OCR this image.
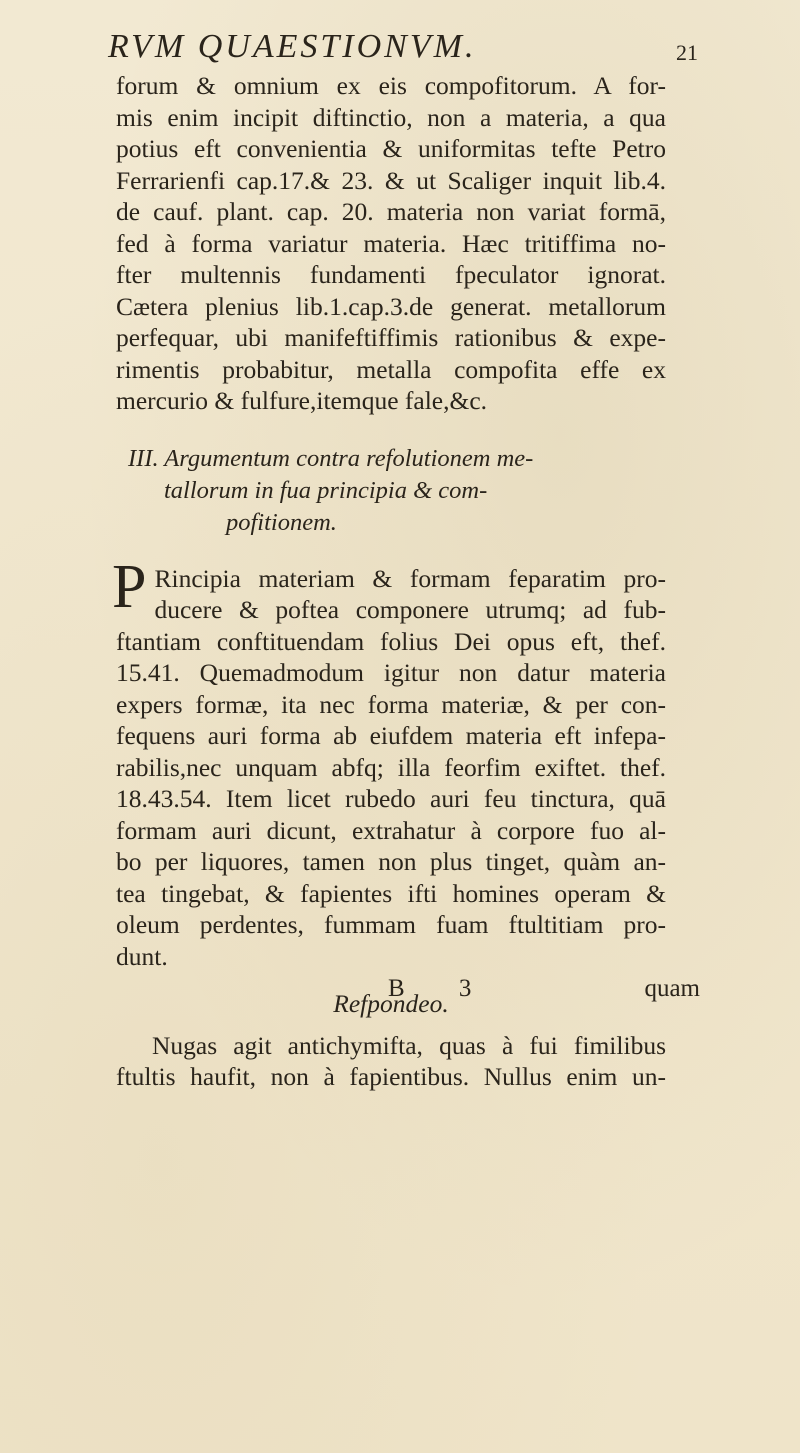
RVM QUAESTIONVM.	21
forum & omnium ex eis compofitorum. A for-
mis enim incipit diftinctio, non a materia, a qua
potius eft convenientia & uniformitas tefte Petro
Ferrarienfi cap.17.& 23. & ut Scaliger inquit lib.4.
de cauf. plant. cap. 20. materia non variat formā,
fed à forma variatur materia. Hæc tritiffima no-
fter multennis fundamenti fpeculator ignorat.
Cætera plenius lib.1.cap.3.de generat. metallorum
perfequar, ubi manifeftiffimis rationibus & expe-
rimentis probabitur, metalla compofita effe ex
mercurio & fulfure,itemque fale,&c.
III. Argumentum contra refolutionem me-
tallorum in fua principia & com-
pofitionem.
P Rincipia materiam & formam feparatim pro-
ducere & poftea componere utrumq; ad fub-
ftantiam conftituendam folius Dei opus eft, thef.
15.41. Quemadmodum igitur non datur materia
expers formæ, ita nec forma materiæ, & per con-
fequens auri forma ab eiufdem materia eft infepa-
rabilis,nec unquam abfq; illa feorfim exiftet. thef.
18.43.54. Item licet rubedo auri feu tinctura, quā
formam auri dicunt, extrahatur à corpore fuo al-
bo per liquores, tamen non plus tinget, quàm an-
tea tingebat, & fapientes ifti homines operam &
oleum perdentes, fummam fuam ftultitiam pro-
dunt.
Refpondeo.
Nugas agit antichymifta, quas à fui fimilibus
ftultis haufit, non à fapientibus. Nullus enim un-
B 3	quam
